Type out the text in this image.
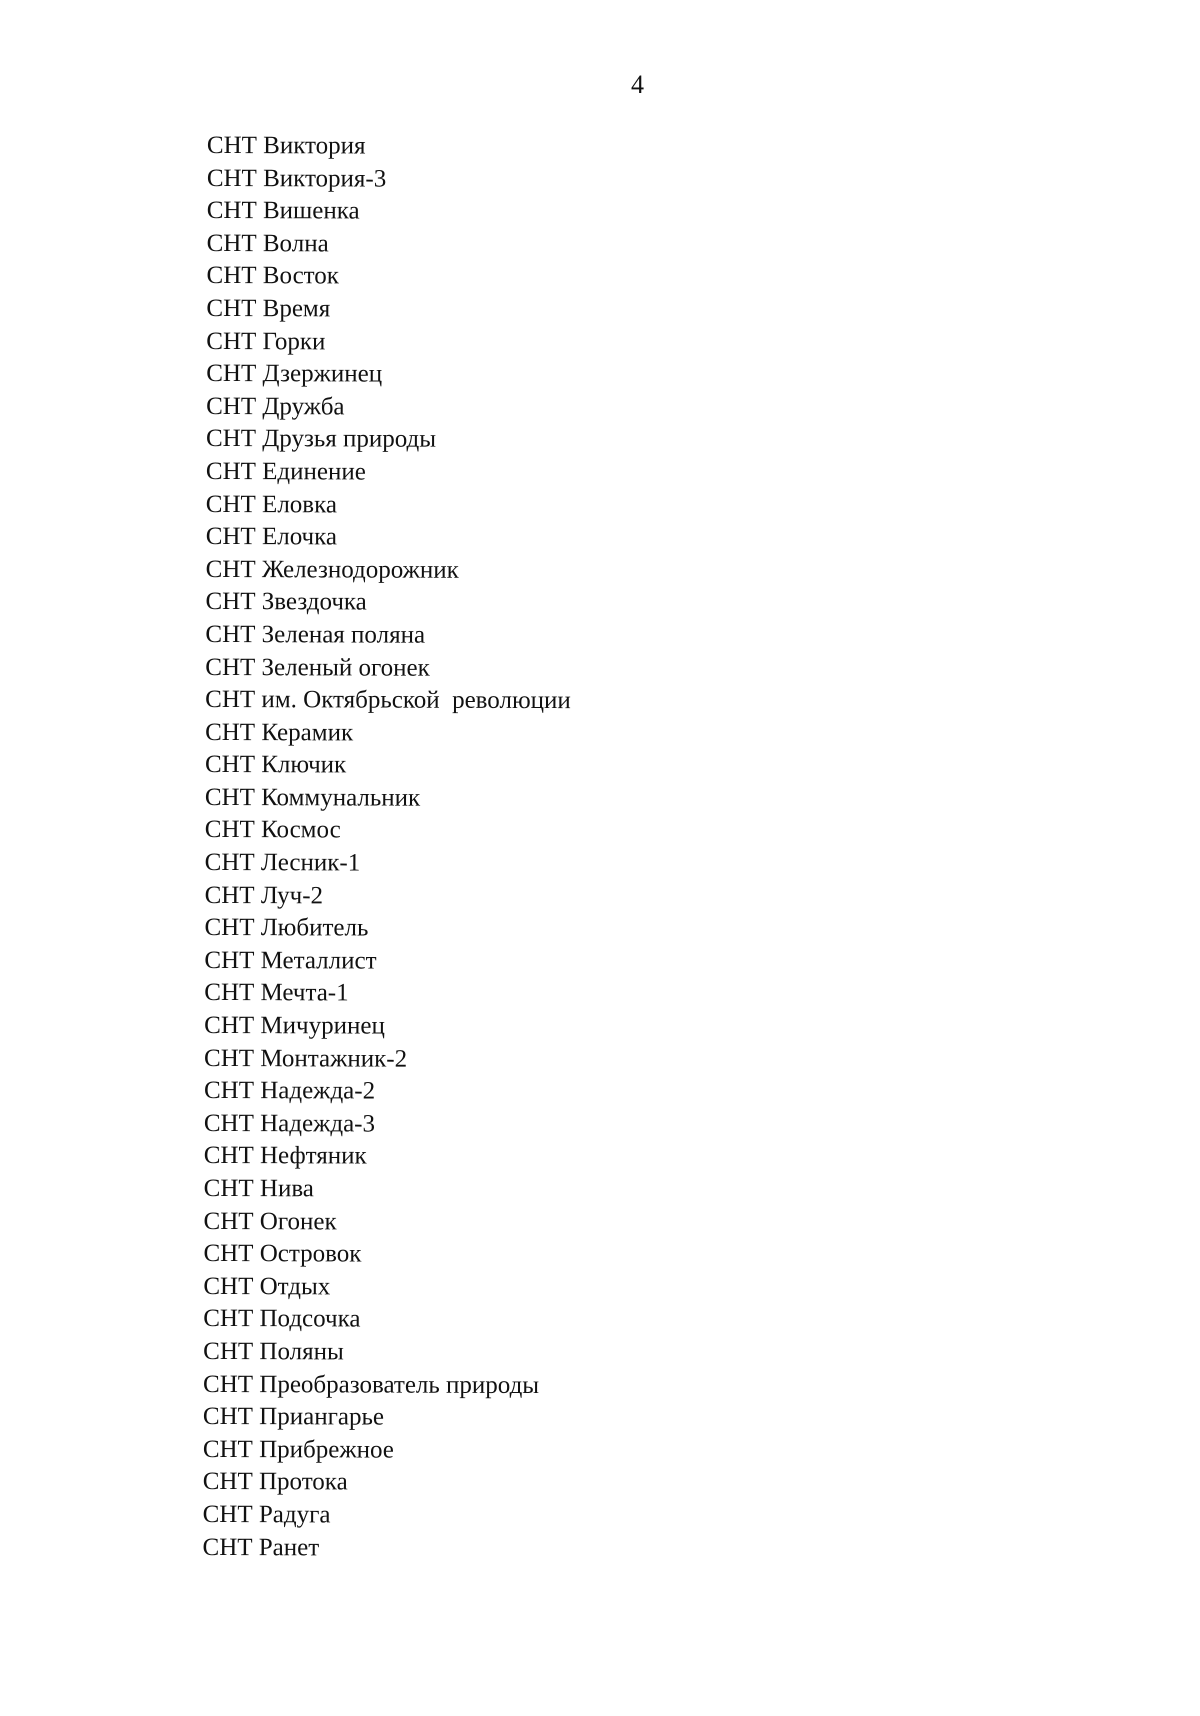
4
СНТ Виктория
СНТ Виктория-3
СНТ Вишенка
СНТ Волна
СНТ Восток
СНТ Время
СНТ Горки
СНТ Дзержинец
СНТ Дружба
СНТ Друзья природы
СНТ Единение
СНТ Еловка
СНТ Елочка
СНТ Железнодорожник
СНТ Звездочка
СНТ Зеленая поляна
СНТ Зеленый огонек
СНТ им. Октябрьской  революции
СНТ Керамик
СНТ Ключик
СНТ Коммунальник
СНТ Космос
СНТ Лесник-1
СНТ Луч-2
СНТ Любитель
СНТ Металлист
СНТ Мечта-1
СНТ Мичуринец
СНТ Монтажник-2
СНТ Надежда-2
СНТ Надежда-3
СНТ Нефтяник
СНТ Нива
СНТ Огонек
СНТ Островок
СНТ Отдых
СНТ Подсочка
СНТ Поляны
СНТ Преобразователь природы
СНТ Приангарье
СНТ Прибрежное
СНТ Протока
СНТ Радуга
СНТ Ранет
